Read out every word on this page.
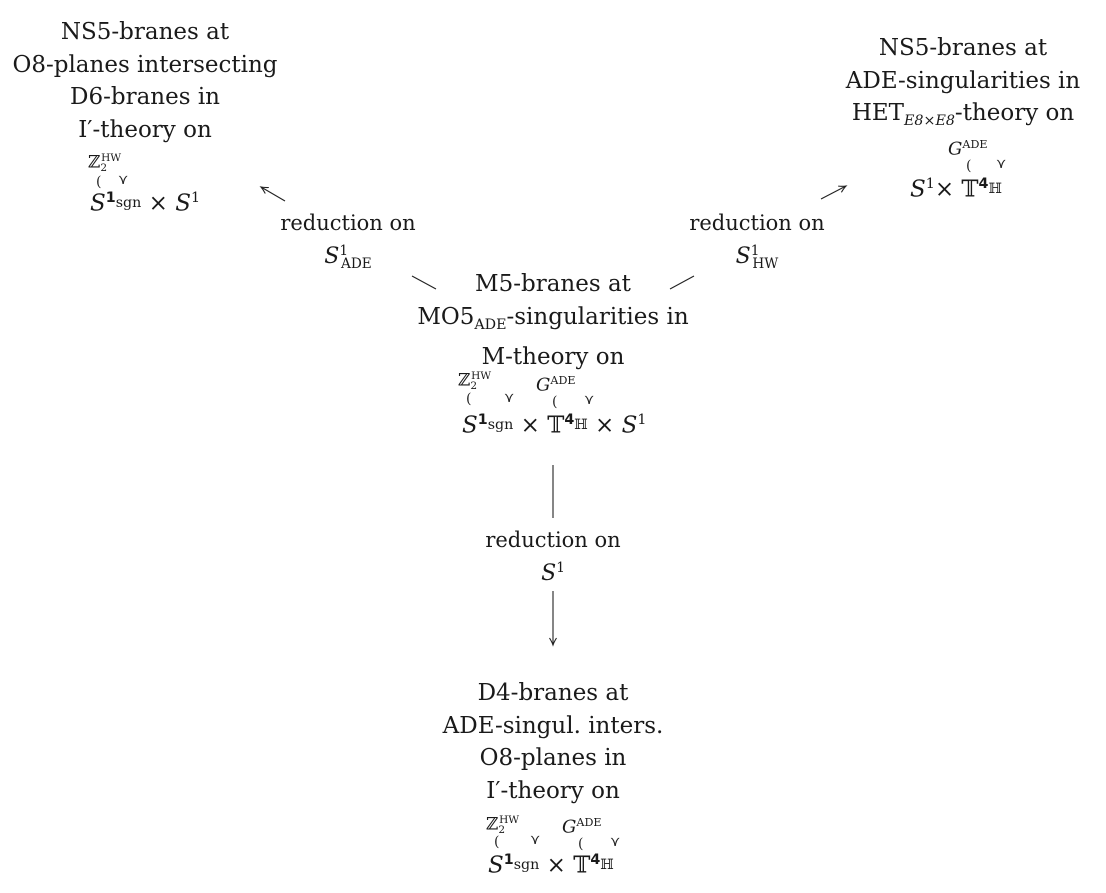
NS5-branes at
O8-planes intersecting
D6-branes in
I′-theory on
ℤ$_2^{HW}$
( ⋎
$S^{1sgn} \times S^1$
NS5-branes at
ADE-singularities in
$HET_{E8\times E8}$-theory on
$G^{ADE}$
( ⋎
$S^1\times$ 𝕋$^{4ℍ}$
reduction on
$S^1_{ADE}$
reduction on
$S^1_{HW}$
M5-branes at
$MO5_{ADE}$-singularities in
M-theory on
ℤ$_2^{HW}$
( ⋎
$G^{ADE}$
( ⋎
$S^{1sgn}$ × 𝕋$^{4ℍ}$ × $S^1$
reduction on
$S^1$
D4-branes at
ADE-singul. inters.
O8-planes in
I′-theory on
ℤ$_2^{HW}$
( ⋎
$G^{ADE}$
( ⋎
$S^{1sgn}$ × 𝕋$^{4ℍ}$
